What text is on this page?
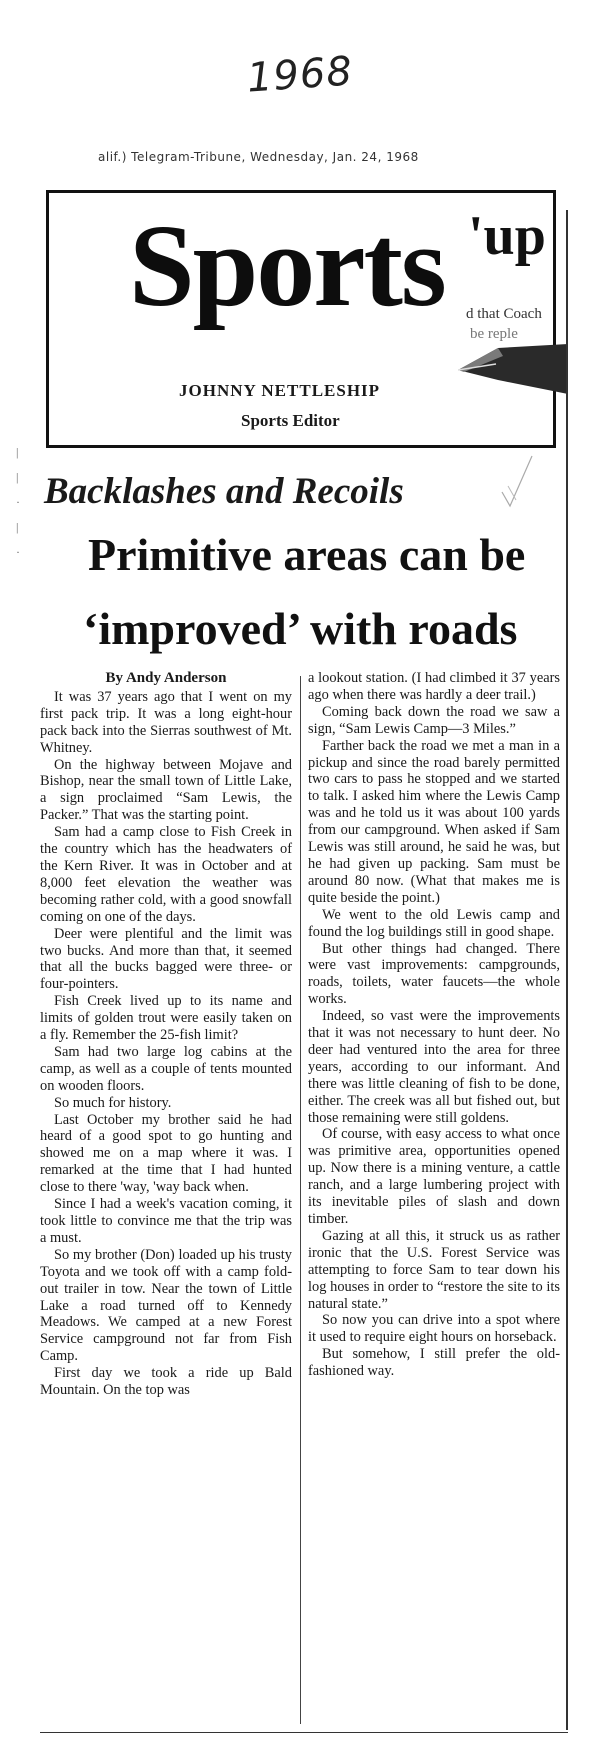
1968
alif.) Telegram-Tribune, Wednesday, Jan. 24, 1968
Sports
JOHNNY NETTLESHIP
Sports Editor
'up
d that Coach
be reple
|
|
·
|
·
Backlashes and Recoils
Primitive areas can be
‘improved’ with roads
By Andy Anderson

It was 37 years ago that I went on my first pack trip. It was a long eight-hour pack back into the Sierras southwest of Mt. Whitney.

On the highway between Mojave and Bishop, near the small town of Little Lake, a sign proclaimed “Sam Lewis, the Packer.” That was the starting point.

Sam had a camp close to Fish Creek in the country which has the headwaters of the Kern River. It was in October and at 8,000 feet elevation the weather was becoming rather cold, with a good snowfall coming on one of the days.

Deer were plentiful and the limit was two bucks. And more than that, it seemed that all the bucks bagged were three- or four-pointers.

Fish Creek lived up to its name and limits of golden trout were easily taken on a fly. Remember the 25-fish limit?

Sam had two large log cabins at the camp, as well as a couple of tents mounted on wooden floors.

So much for history.

Last October my brother said he had heard of a good spot to go hunting and showed me on a map where it was. I remarked at the time that I had hunted close to there 'way, 'way back when.

Since I had a week's vacation coming, it took little to convince me that the trip was a must.

So my brother (Don) loaded up his trusty Toyota and we took off with a camp fold-out trailer in tow. Near the town of Little Lake a road turned off to Kennedy Meadows. We camped at a new Forest Service campground not far from Fish Camp.

First day we took a ride up Bald Mountain. On the top was

a lookout station. (I had climbed it 37 years ago when there was hardly a deer trail.)

Coming back down the road we saw a sign, “Sam Lewis Camp—3 Miles.”

Farther back the road we met a man in a pickup and since the road barely permitted two cars to pass he stopped and we started to talk. I asked him where the Lewis Camp was and he told us it was about 100 yards from our campground. When asked if Sam Lewis was still around, he said he was, but he had given up packing. Sam must be around 80 now. (What that makes me is quite beside the point.)

We went to the old Lewis camp and found the log buildings still in good shape.

But other things had changed. There were vast improvements: campgrounds, roads, toilets, water faucets—the whole works.

Indeed, so vast were the improvements that it was not necessary to hunt deer. No deer had ventured into the area for three years, according to our informant. And there was little cleaning of fish to be done, either. The creek was all but fished out, but those remaining were still goldens.

Of course, with easy access to what once was primitive area, opportunities opened up. Now there is a mining venture, a cattle ranch, and a large lumbering project with its inevitable piles of slash and down timber.

Gazing at all this, it struck us as rather ironic that the U.S. Forest Service was attempting to force Sam to tear down his log houses in order to “restore the site to its natural state.”

So now you can drive into a spot where it used to require eight hours on horseback.

But somehow, I still prefer the old-fashioned way.
